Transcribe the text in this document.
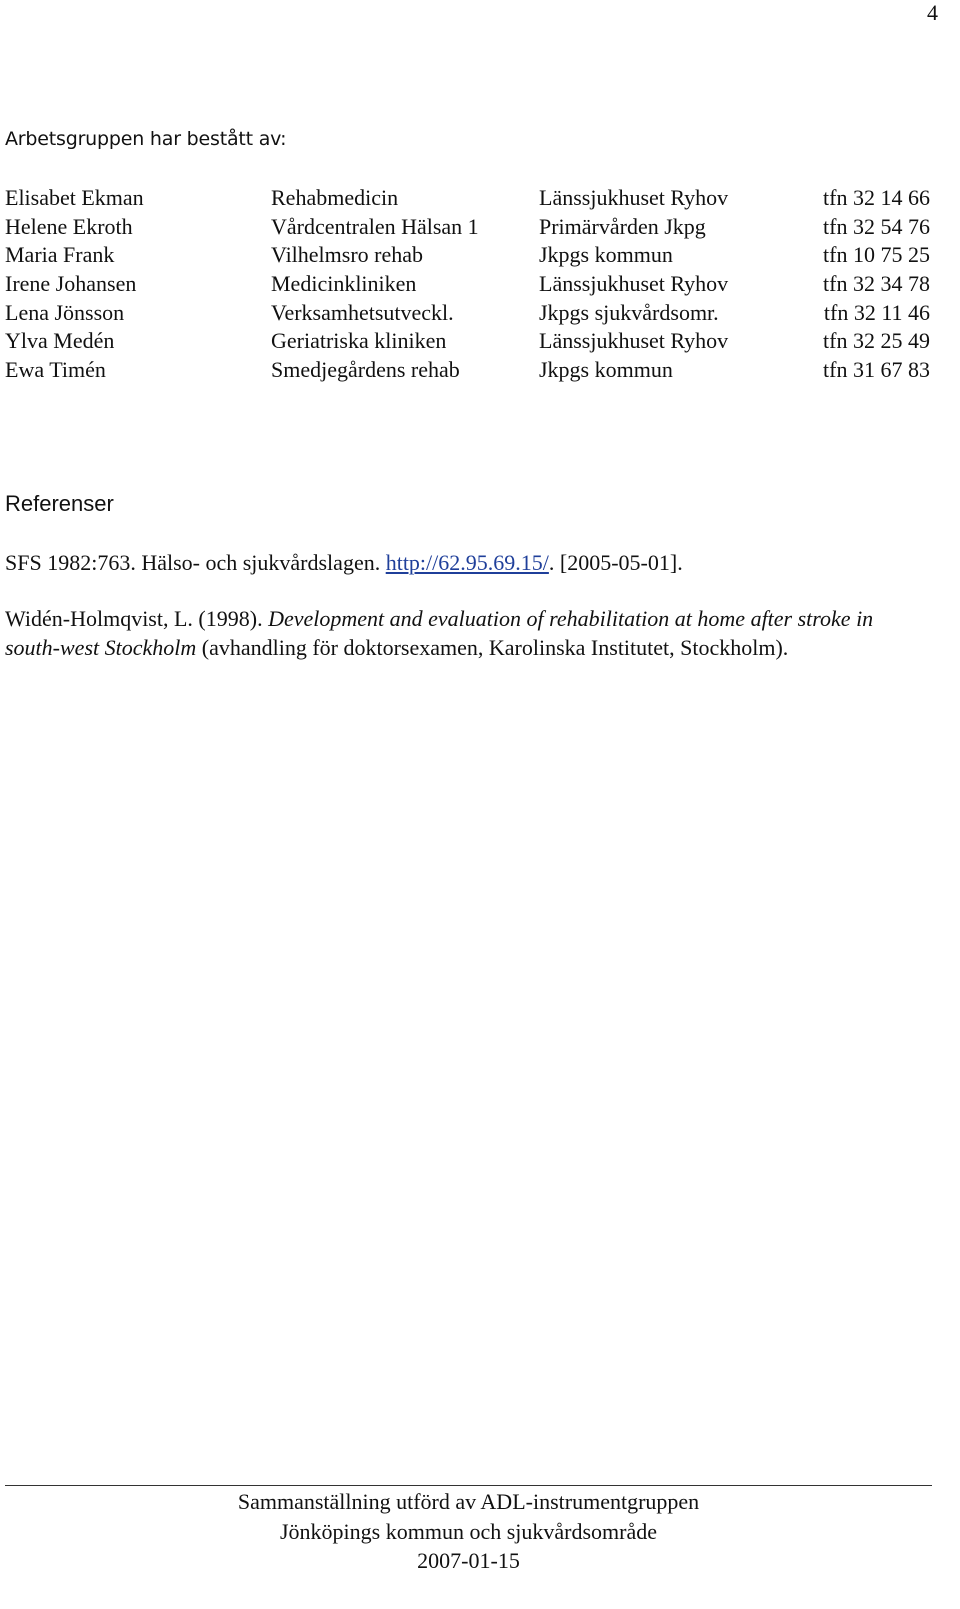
4
Arbetsgruppen har bestått av:
Elisabet Ekman	Rehabmedicin	Länssjukhuset Ryhov	tfn 32 14 66
Helene Ekroth	Vårdcentralen Hälsan 1	Primärvården Jkpg	tfn 32 54 76
Maria Frank	Vilhelmsro rehab	Jkpgs kommun	tfn 10 75 25
Irene Johansen	Medicinkliniken	Länssjukhuset Ryhov	tfn 32 34 78
Lena Jönsson	Verksamhetsutveckl.	Jkpgs sjukvårdsomr.	tfn 32 11 46
Ylva Medén	Geriatriska kliniken	Länssjukhuset Ryhov	tfn 32 25 49
Ewa Timén	Smedjegårdens rehab	Jkpgs kommun	tfn 31 67 83
Referenser
SFS 1982:763. Hälso- och sjukvårdslagen. http://62.95.69.15/. [2005-05-01].
Widén-Holmqvist, L. (1998). Development and evaluation of rehabilitation at home after stroke in south-west Stockholm (avhandling för doktorsexamen, Karolinska Institutet, Stockholm).
Sammanställning utförd av ADL-instrumentgruppen
Jönköpings kommun och sjukvårdsområde
2007-01-15
